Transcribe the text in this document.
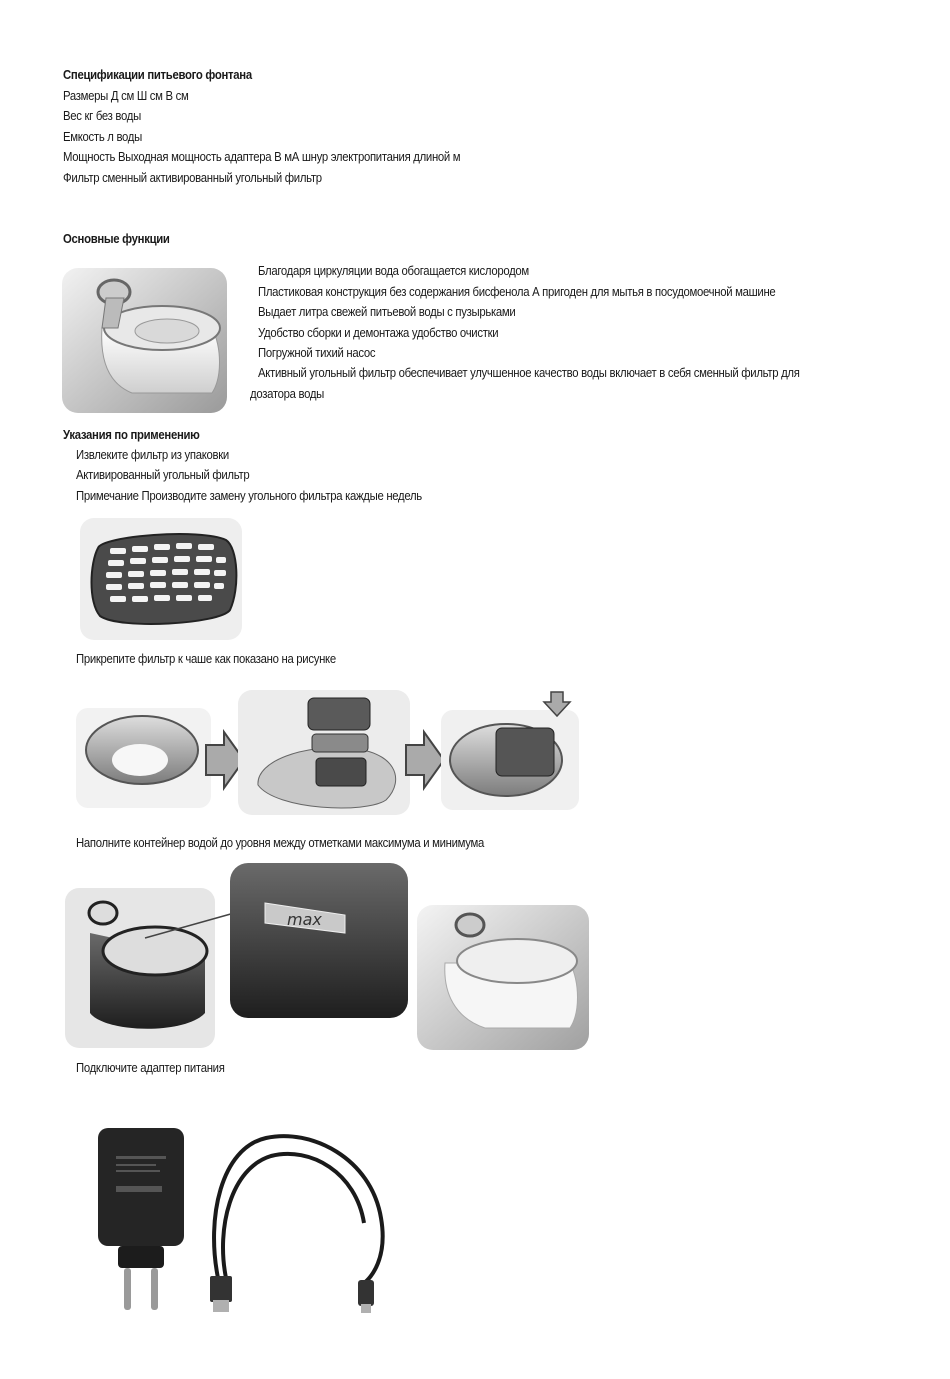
Спецификации питьевого фонтана
Размеры Д см Ш см В см
Вес кг без воды
Емкость л воды
Мощность Выходная мощность адаптера В мА шнур электропитания длиной м
Фильтр сменный активированный угольный фильтр
Основные функции
Благодаря циркуляции вода обогащается кислородом
Пластиковая конструкция без содержания бисфенола А пригоден для мытья в посудомоечной машине
Выдает литра свежей питьевой воды с пузырьками
Удобство сборки и демонтажа удобство очистки
Погружной тихий насос
Активный угольный фильтр обеспечивает улучшенное качество воды включает в себя сменный фильтр для
дозатора воды
Указания по применению
Извлеките фильтр из упаковки
Активированный угольный фильтр
Примечание Производите замену угольного фильтра каждые недель
Прикрепите фильтр к чаше как показано на рисунке
Наполните контейнер водой до уровня между отметками максимума и минимума
max
Подключите адаптер питания
